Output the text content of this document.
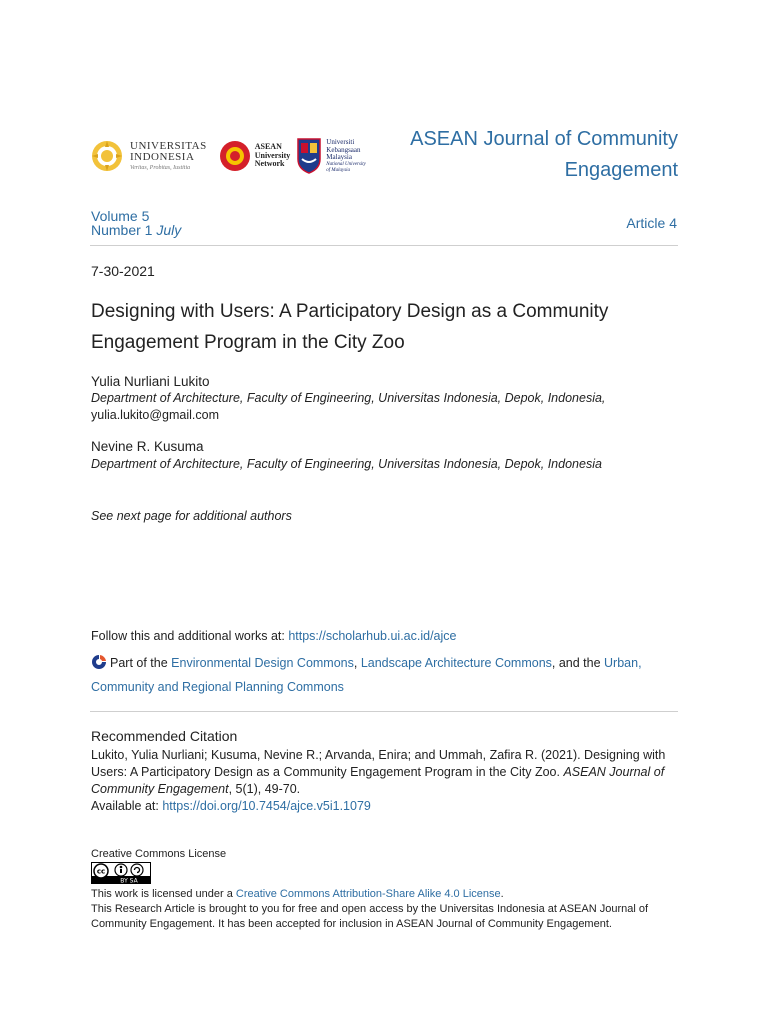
UNIVERSITAS
INDONESIA
Veritas, Probitas, Iustitia
ASEAN
University
Network
Universiti
Kebangsaan
Malaysia
National University
of Malaysia
ASEAN Journal of Community Engagement
Volume 5
Number 1 July	Article 4
7-30-2021
Designing with Users: A Participatory Design as a Community Engagement Program in the City Zoo
Yulia Nurliani Lukito
Department of Architecture, Faculty of Engineering, Universitas Indonesia, Depok, Indonesia,
yulia.lukito@gmail.com
Nevine R. Kusuma
Department of Architecture, Faculty of Engineering, Universitas Indonesia, Depok, Indonesia
See next page for additional authors
Follow this and additional works at: https://scholarhub.ui.ac.id/ajce
Part of the Environmental Design Commons, Landscape Architecture Commons, and the Urban, Community and Regional Planning Commons
Recommended Citation
Lukito, Yulia Nurliani; Kusuma, Nevine R.; Arvanda, Enira; and Ummah, Zafira R. (2021). Designing with Users: A Participatory Design as a Community Engagement Program in the City Zoo. ASEAN Journal of Community Engagement, 5(1), 49-70.
Available at: https://doi.org/10.7454/ajce.v5i1.1079
Creative Commons License
cc
BY SA
This work is licensed under a Creative Commons Attribution-Share Alike 4.0 License.
This Research Article is brought to you for free and open access by the Universitas Indonesia at ASEAN Journal of Community Engagement. It has been accepted for inclusion in ASEAN Journal of Community Engagement.
